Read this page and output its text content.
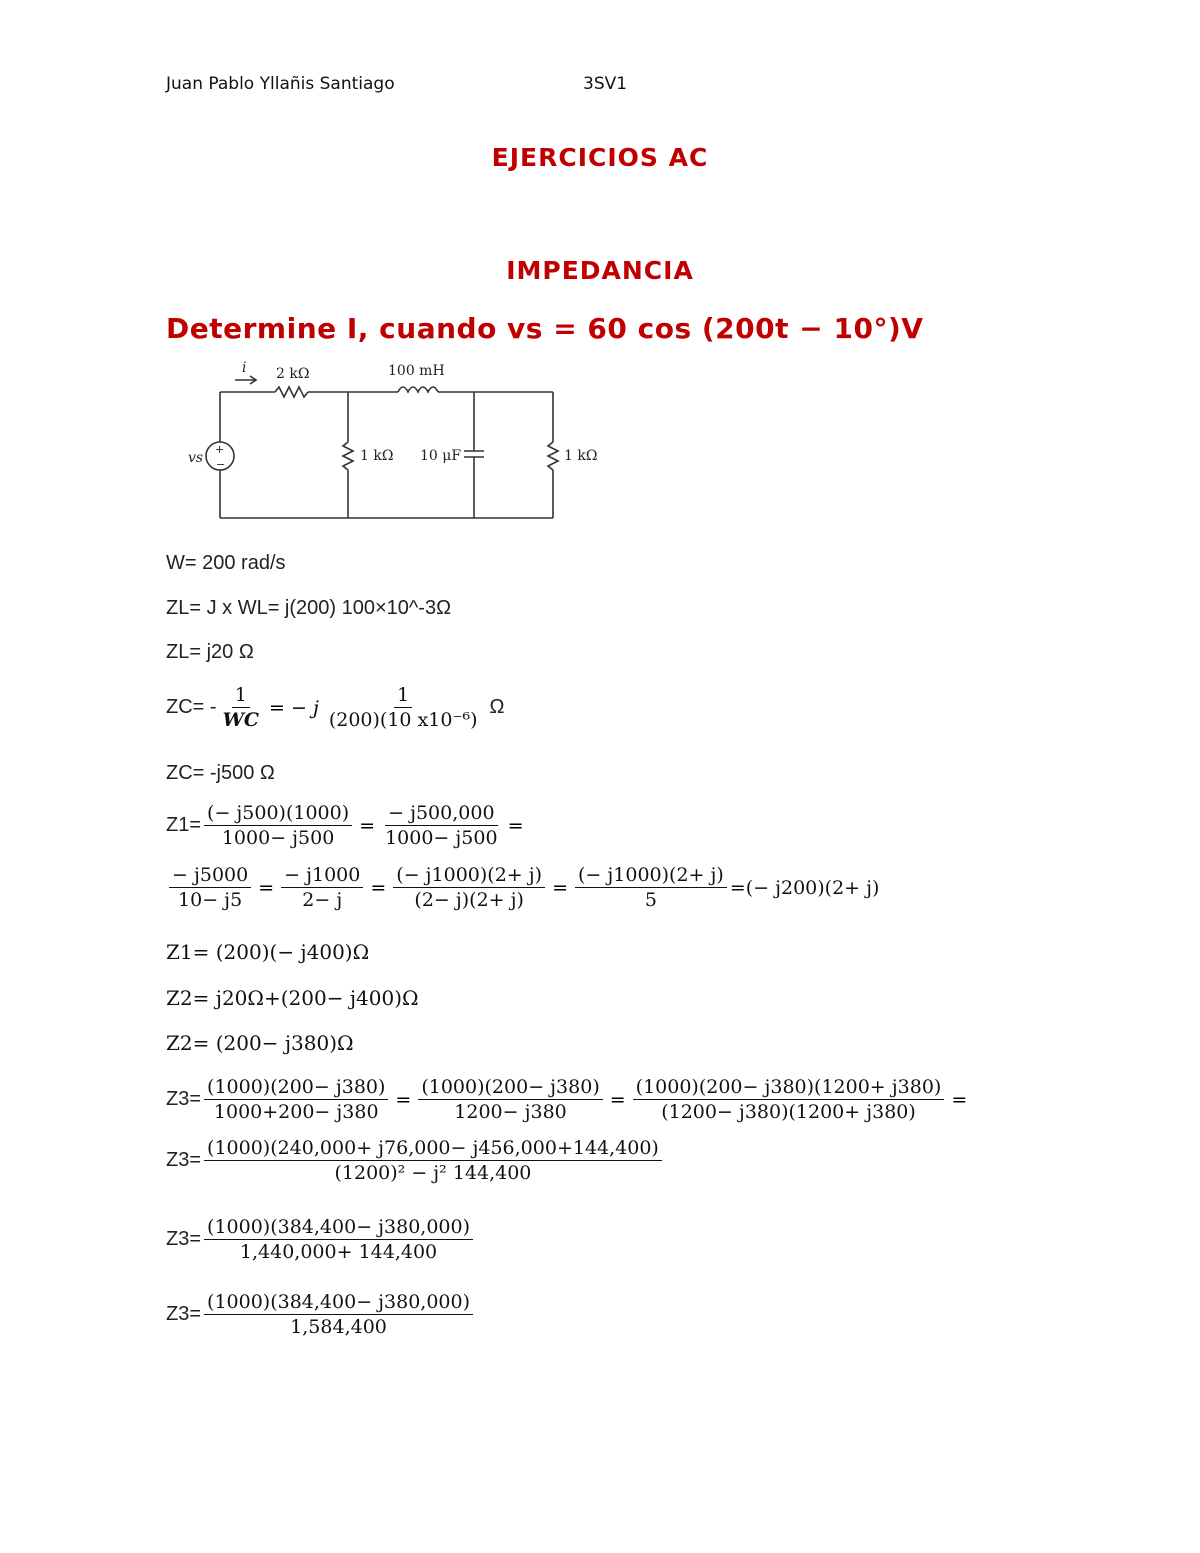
Juan Pablo Yllañis Santiago	3SV1
EJERCICIOS AC
IMPEDANCIA
Determine I, cuando vs = 60 cos (200t − 10°)V
+
−
i 2 kΩ	100 mH
vs	1 kΩ 10 μF	1 kΩ
W= 200 rad/s
ZL= J x WL= j(200) 100×10^-3Ω
ZL= j20 Ω
$ZC= - \frac{1}{WC}$ = − j $\frac{1}{\text{(200)(10 x10⁻⁶)}}$ Ω
ZC= -j500 Ω
$Z1= \frac{(- j500)(1000)}{1000- j500} = \frac{- j500,000}{1000- j500}$ =
$\frac{- j5000}{10- j5} = \frac{- j1000}{2- j} = \frac{(- j1000)(2+ j)}{(2- j)(2+ j)} = \frac{(- j1000)(2+ j)}{5}$ =(− j200)(2+ j)
Z1= (200)(− j400)Ω
Z2= j20Ω+(200− j400)Ω
Z2= (200− j380)Ω
$Z3= \frac{(1000)(200- j380)}{1000+200- j380} = \frac{(1000)(200- j380)}{1200- j380} = \frac{(1000)(200- j380)(1200+ j380)}{(1200- j380)(1200+ j380)}$ =
$Z3= \frac{(1000)(240,000+ j76,000- j456,000+144,400)}{\text{(1200)² − j² 144,400}}$
$Z3= \frac{(1000)(384,400- j380,000)}{1,440,000+ 144,400}$
$Z3= \frac{(1000)(384,400- j380,000)}{1,584,400}$
